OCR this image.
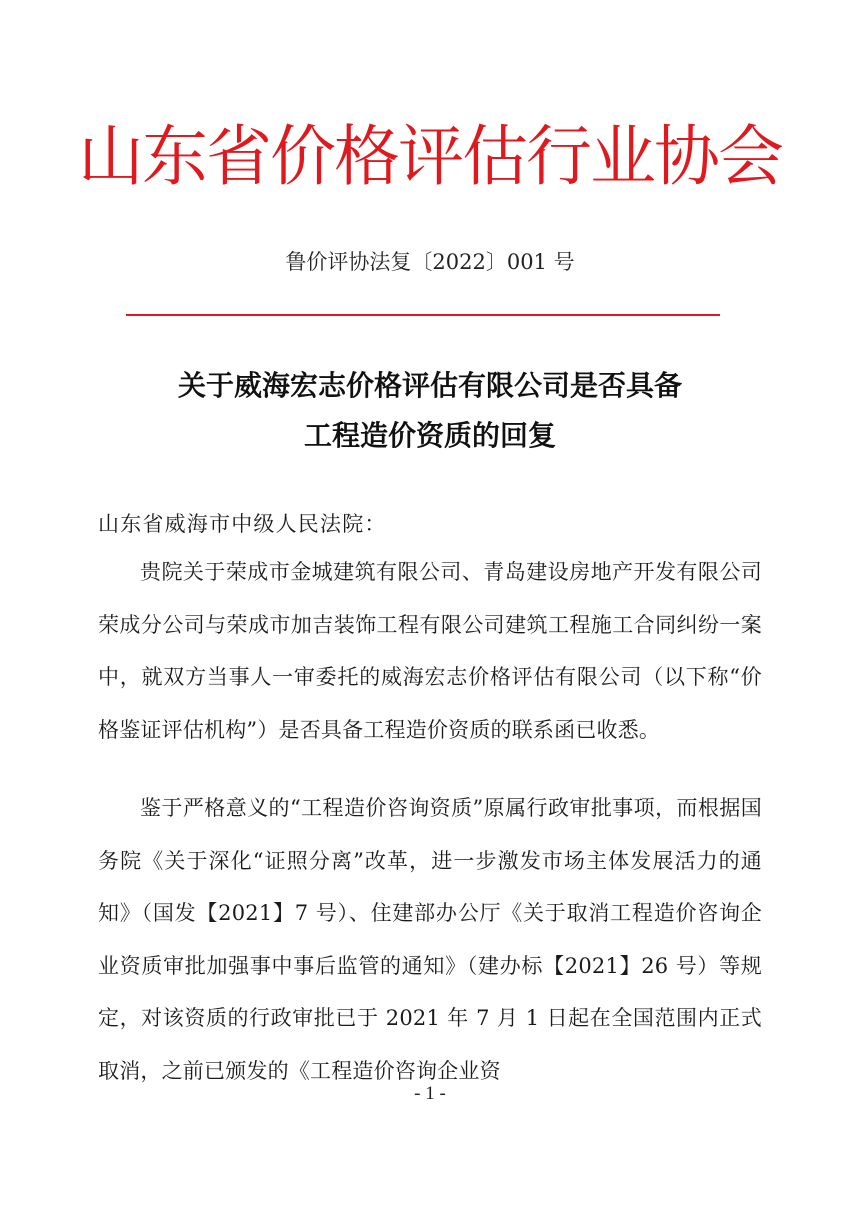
山东省价格评估行业协会
鲁价评协法复〔2022〕001 号
关于威海宏志价格评估有限公司是否具备
工程造价资质的回复
山东省威海市中级人民法院：
贵院关于荣成市金城建筑有限公司、青岛建设房地产开发有限公司荣成分公司与荣成市加吉装饰工程有限公司建筑工程施工合同纠纷一案中，就双方当事人一审委托的威海宏志价格评估有限公司（以下称“价格鉴证评估机构”）是否具备工程造价资质的联系函已收悉。
鉴于严格意义的“工程造价咨询资质”原属行政审批事项，而根据国务院《关于深化“证照分离”改革，进一步激发市场主体发展活力的通知》（国发【2021】7 号）、住建部办公厅《关于取消工程造价咨询企业资质审批加强事中事后监管的通知》（建办标【2021】26 号）等规定，对该资质的行政审批已于 2021 年 7 月 1 日起在全国范围内正式取消，之前已颁发的《工程造价咨询企业资
- 1 -
